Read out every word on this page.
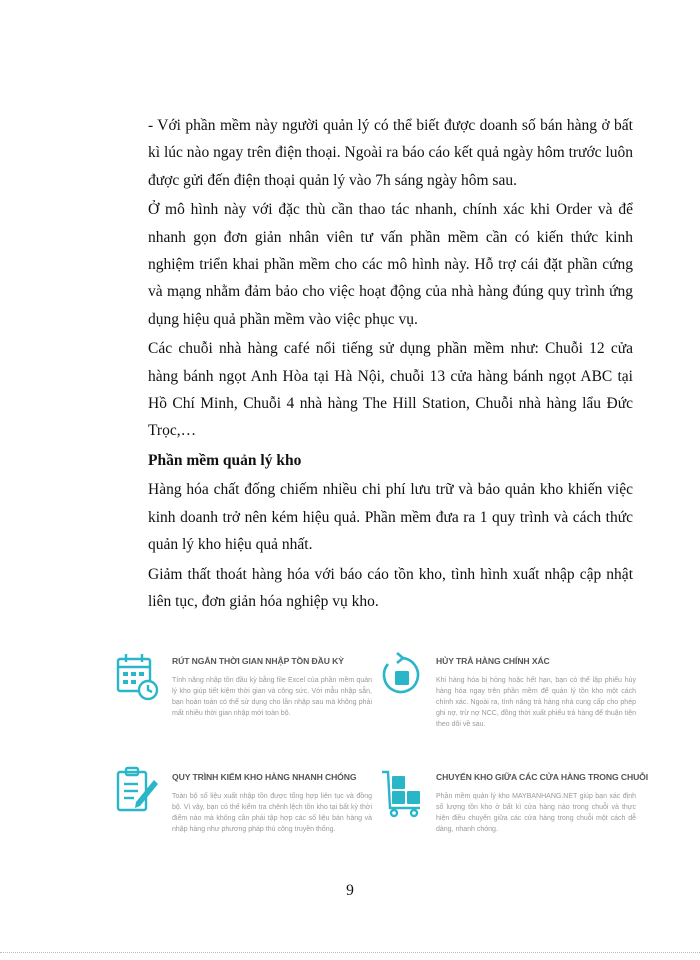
- Với phần mềm này người quản lý có thể biết được doanh số bán hàng ở bất kì lúc nào ngay trên điện thoại. Ngoài ra báo cáo kết quả ngày hôm trước luôn được gửi đến điện thoại quản lý vào 7h sáng ngày hôm sau.

Ở mô hình này với đặc thù cần thao tác nhanh, chính xác khi Order và để nhanh gọn đơn giản nhân viên tư vấn phần mềm cần có kiến thức kinh nghiệm triển khai phần mềm cho các mô hình này. Hỗ trợ cái đặt phần cứng và mạng nhằm đảm bảo cho việc hoạt động của nhà hàng đúng quy trình ứng dụng hiệu quả phần mềm vào việc phục vụ.

Các chuỗi nhà hàng café nổi tiếng sử dụng phần mềm như: Chuỗi 12 cửa hàng bánh ngọt Anh Hòa tại Hà Nội, chuỗi 13 cửa hàng bánh ngọt ABC tại Hồ Chí Minh, Chuỗi 4 nhà hàng The Hill Station, Chuỗi nhà hàng lẩu Đức Trọc,…

Phần mềm quản lý kho

Hàng hóa chất đống chiếm nhiều chi phí lưu trữ và bảo quản kho khiến việc kinh doanh trở nên kém hiệu quả. Phần mềm đưa ra 1 quy trình và cách thức quản lý kho hiệu quả nhất.

Giảm thất thoát hàng hóa với báo cáo tồn kho, tình hình xuất nhập cập nhật liên tục, đơn giản hóa nghiệp vụ kho.

RÚT NGẮN THỜI GIAN NHẬP TỒN ĐẦU KỲ
Tính năng nhập tồn đầu kỳ bằng file Excel của phần mềm quản lý kho giúp tiết kiệm thời gian và công sức. Với mẫu nhập sẵn, bạn hoàn toàn có thể sử dụng cho lần nhập sau mà không phải mất nhiều thời gian nhập mới toàn bộ.
HỦY TRẢ HÀNG CHÍNH XÁC
Khi hàng hóa bị hỏng hoặc hết hạn, bạn có thể lập phiếu hủy hàng hóa ngay trên phần mềm để quản lý tồn kho một cách chính xác. Ngoài ra, tính năng trả hàng nhà cung cấp cho phép ghi nợ, trừ nợ NCC, đồng thời xuất phiếu trả hàng để thuận tiện theo dõi về sau.
QUY TRÌNH KIỂM KHO HÀNG NHANH CHÓNG
Toàn bộ số liệu xuất nhập tồn được tổng hợp liên tục và đồng bộ. Vì vậy, bạn có thể kiểm tra chênh lệch tồn kho tại bất kỳ thời điểm nào mà không cần phải tập hợp các số liệu bán hàng và nhập hàng như phương pháp thủ công truyền thống.
CHUYỂN KHO GIỮA CÁC CỬA HÀNG TRONG CHUỖI
Phần mềm quản lý kho MAYBANHANG.NET giúp bạn xác định số lượng tồn kho ở bất kì cửa hàng nào trong chuỗi và thực hiện điều chuyển giữa các cửa hàng trong chuỗi một cách dễ dàng, nhanh chóng.
9
